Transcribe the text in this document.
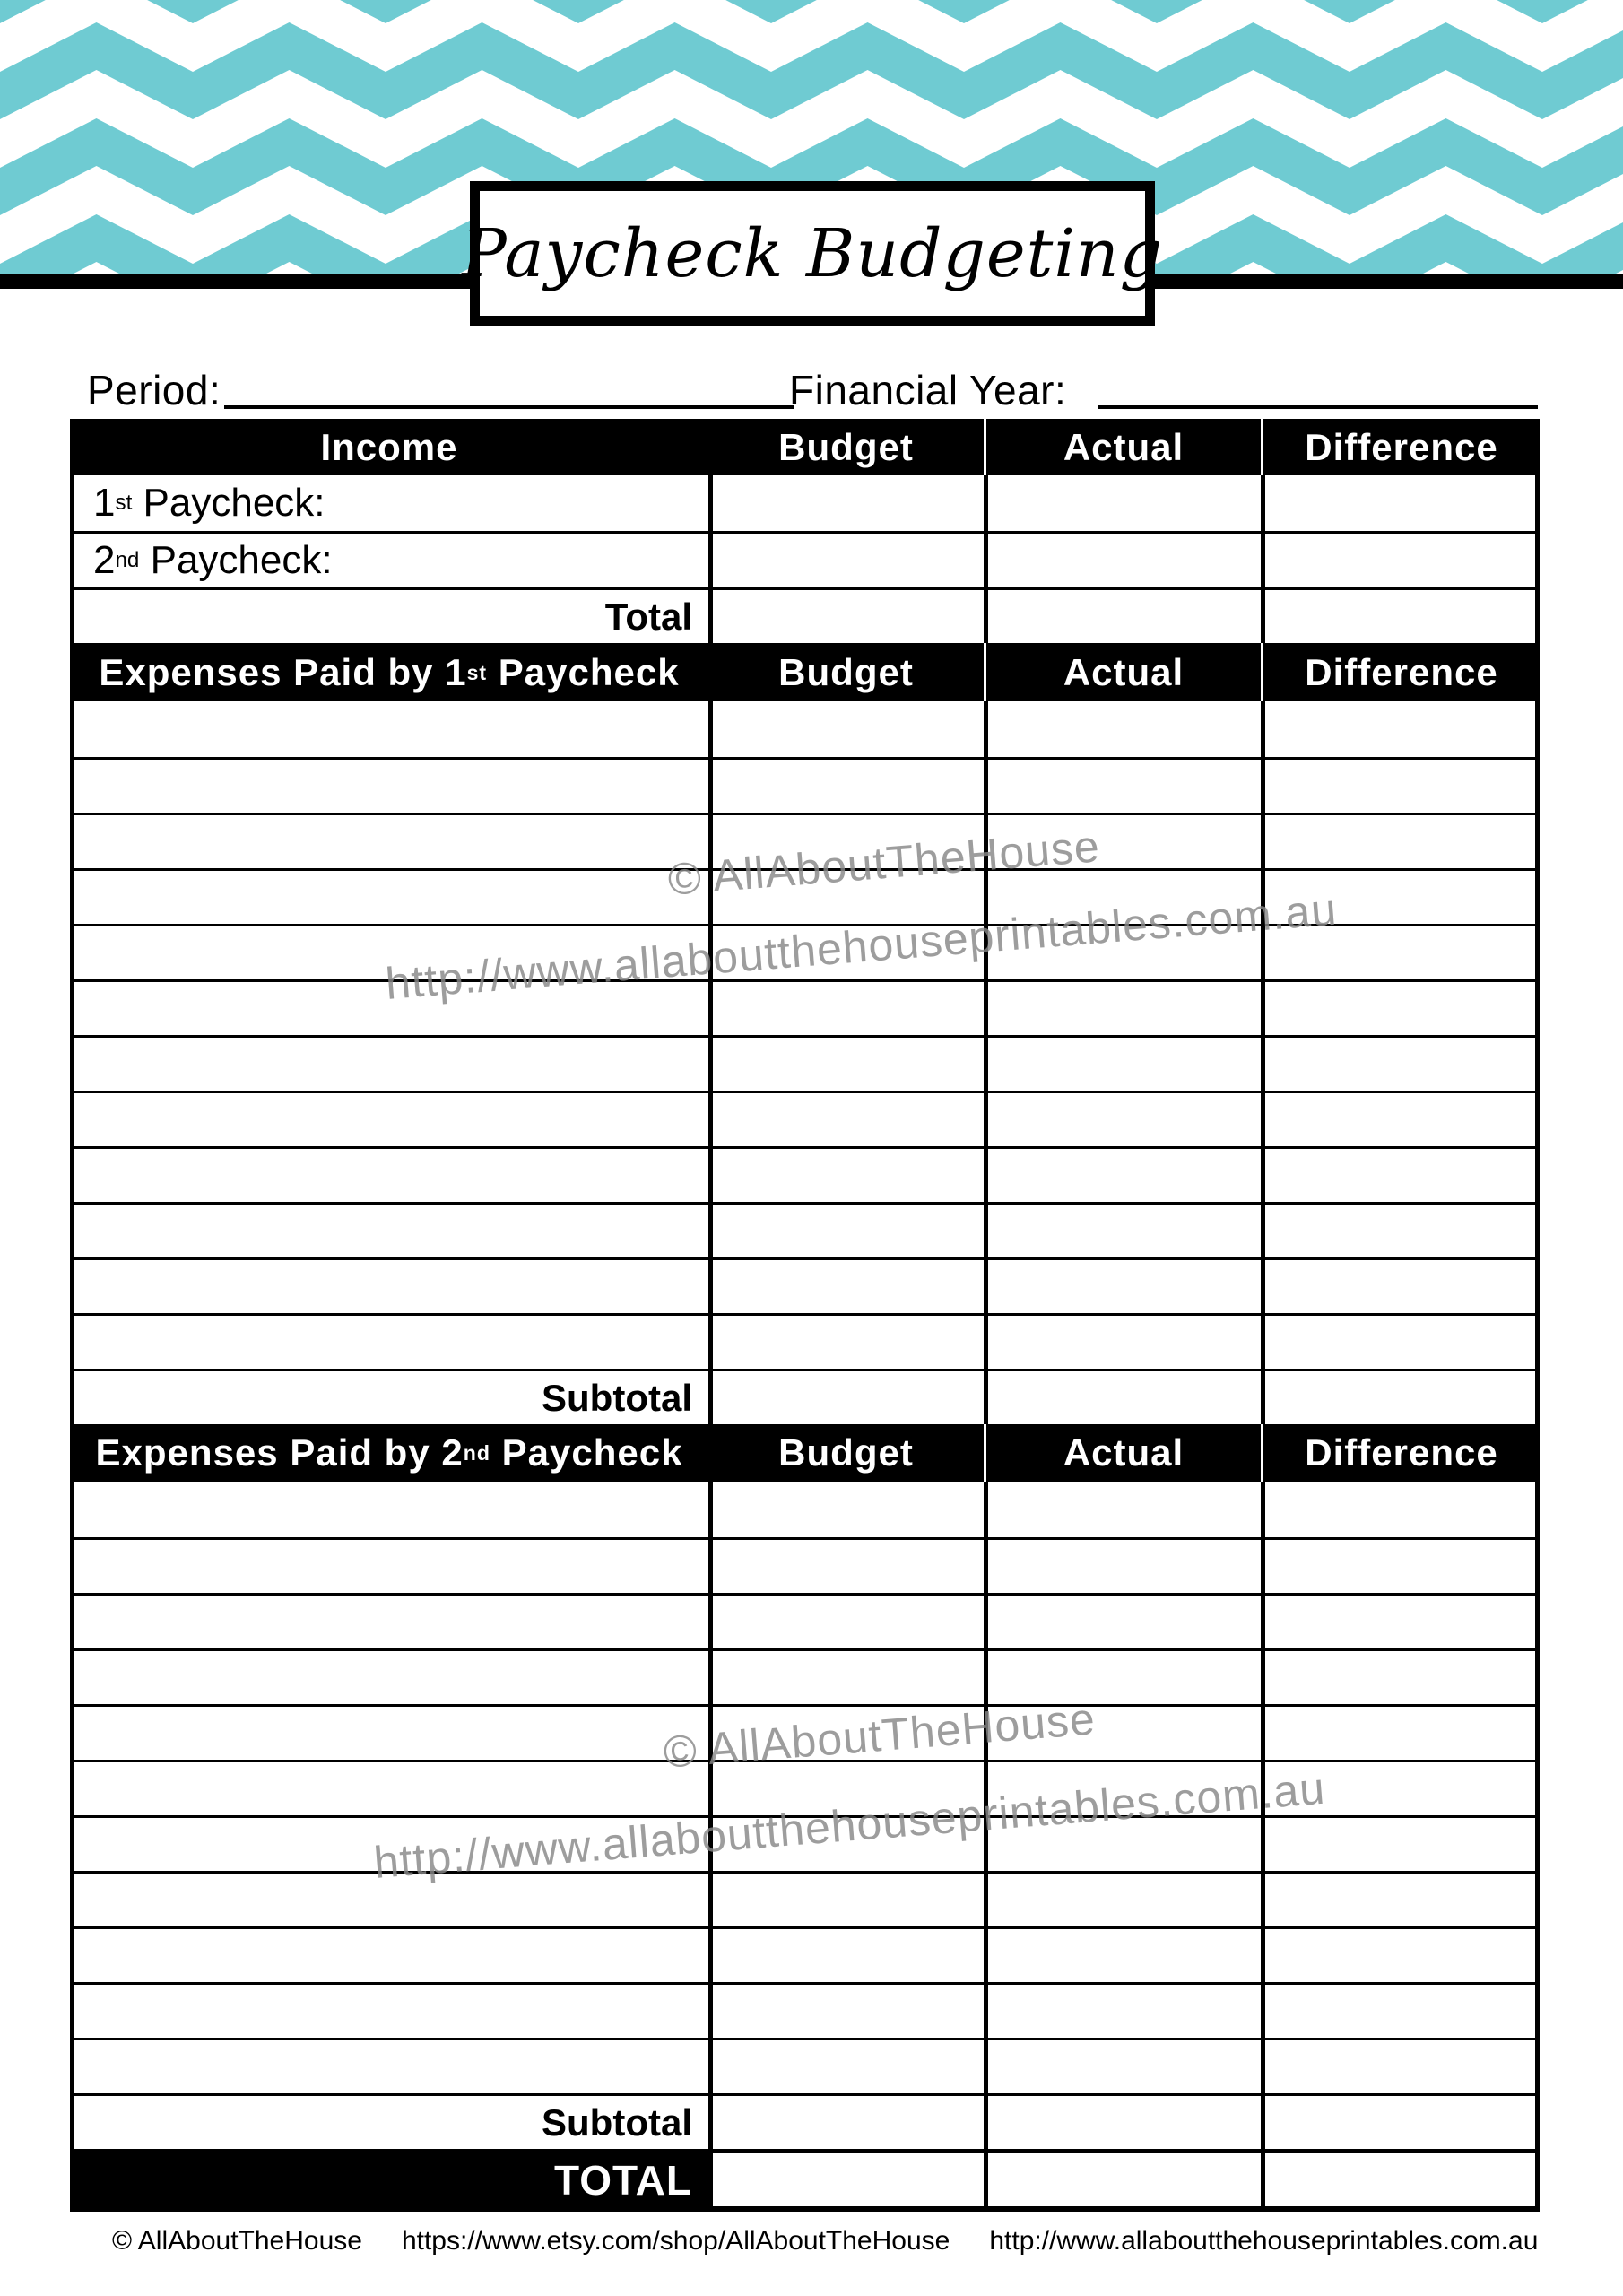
Paycheck Budgeting
Period:	Financial Year:
Income	Budget	Actual	Difference
1 st Paycheck:
2 nd Paycheck:
Total
Expenses Paid by 1 st Paycheck	Budget	Actual	Difference
Subtotal
Expenses Paid by 2 nd Paycheck	Budget	Actual	Difference
Subtotal
TOTAL
© AllAboutTheHouse
http://www.allaboutthehouseprintables.com.au
© AllAboutTheHouse
http://www.allaboutthehouseprintables.com.au
© AllAboutTheHouse https://www.etsy.com/shop/AllAboutTheHouse http://www.allaboutthehouseprintables.com.au
